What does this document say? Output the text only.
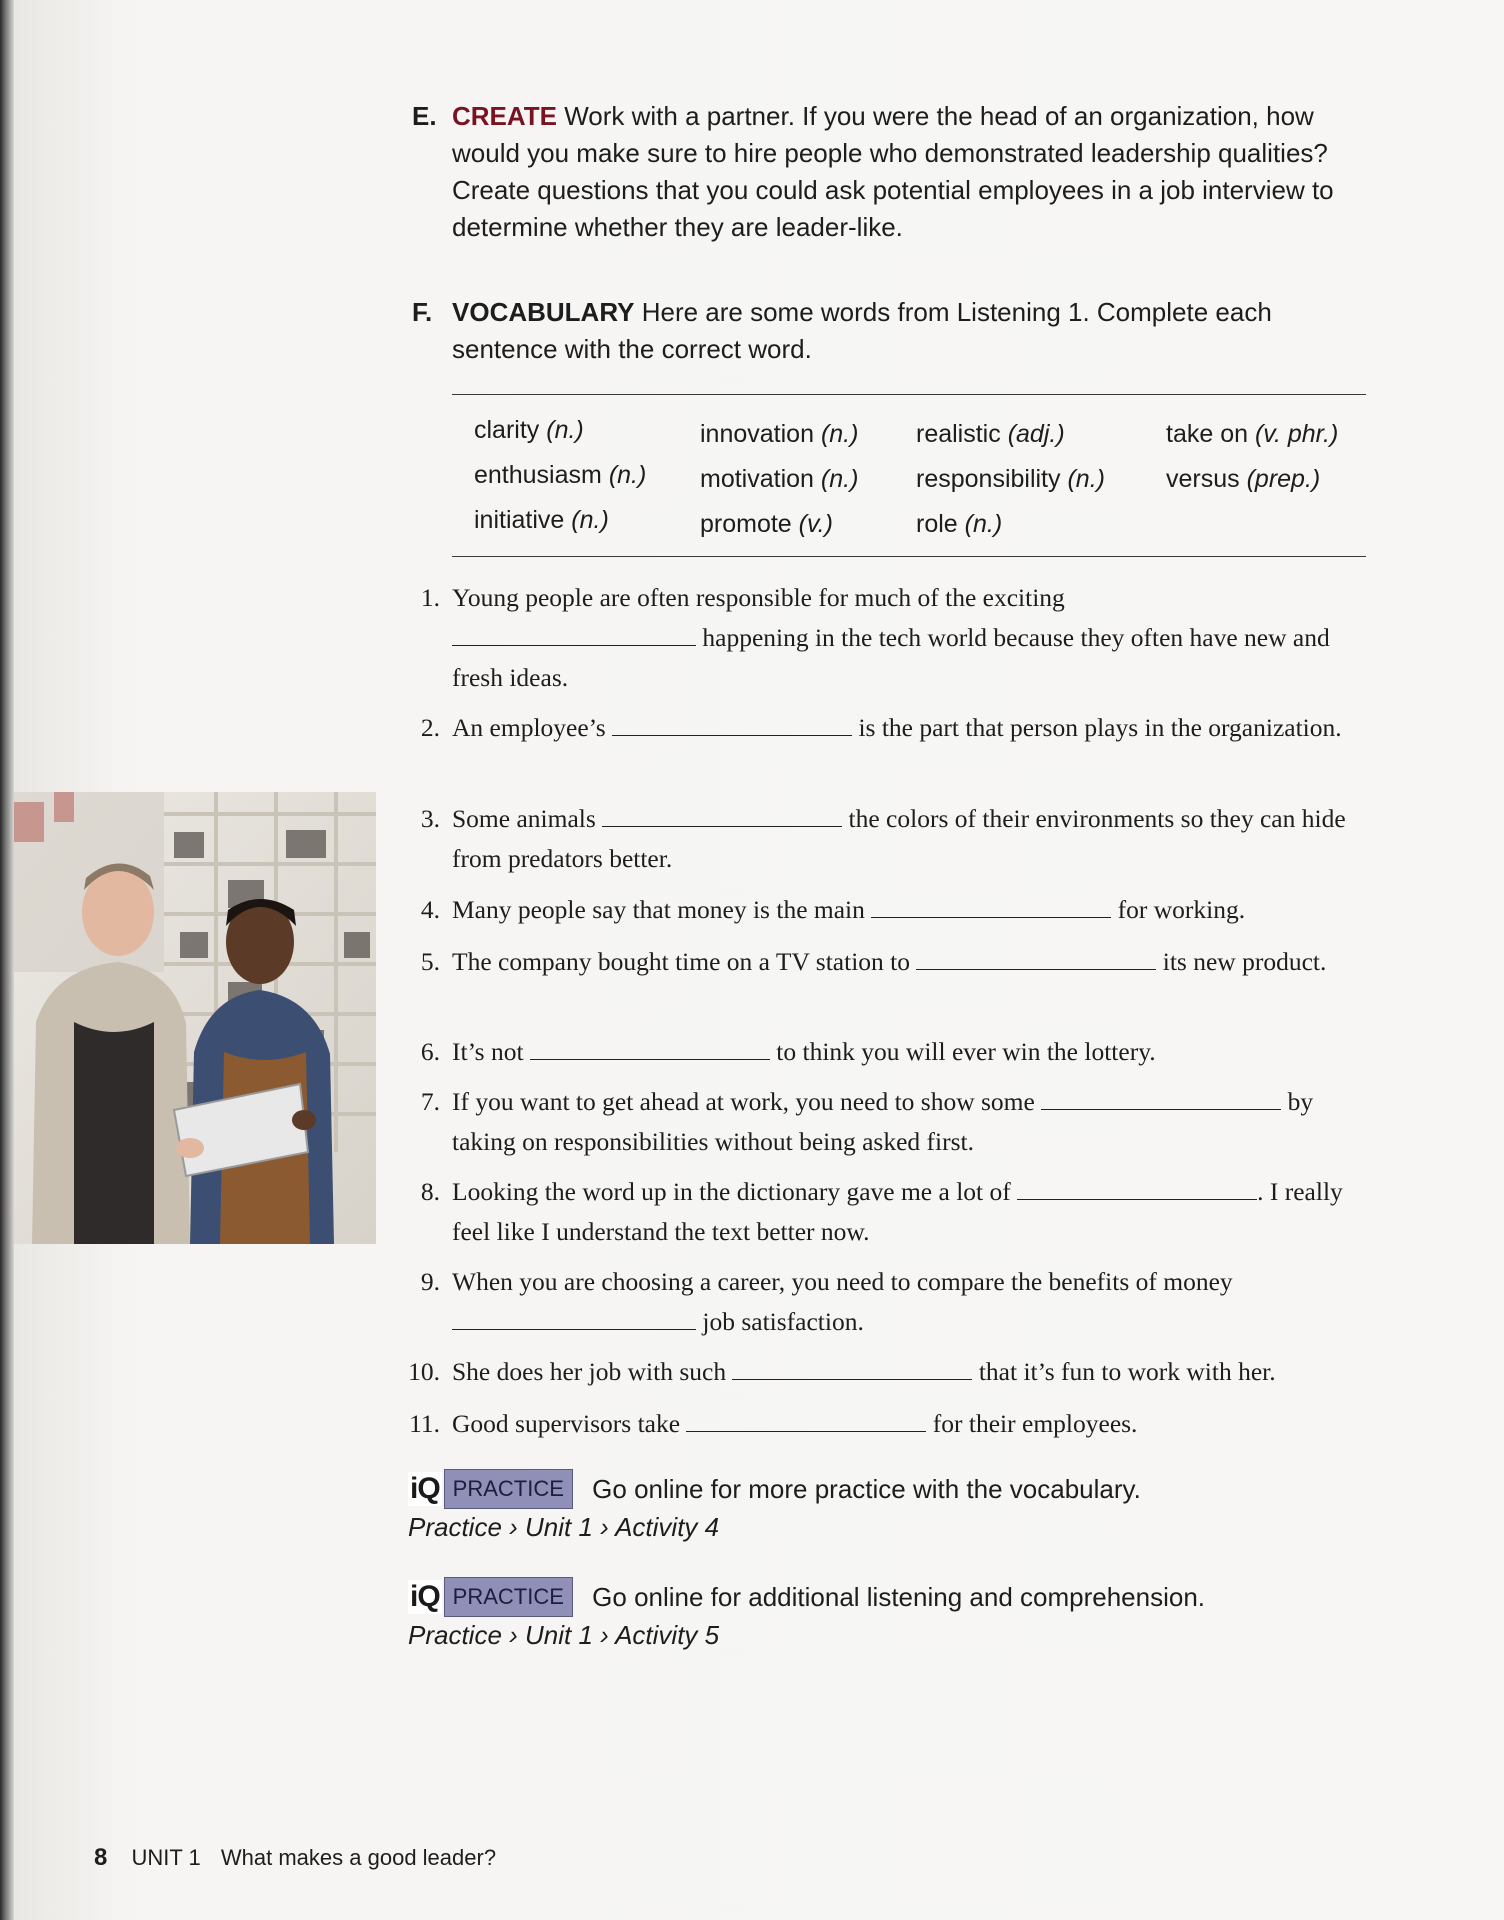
E. CREATE Work with a partner. If you were the head of an organization, how would you make sure to hire people who demonstrated leadership qualities? Create questions that you could ask potential employees in a job interview to determine whether they are leader-like.
F. VOCABULARY Here are some words from Listening 1. Complete each sentence with the correct word.
clarity (n.)	innovation (n.) realistic (adj.)	take on (v. phr.)
enthusiasm (n.) motivation (n.) responsibility (n.) versus (prep.)
initiative (n.)	promote (v.)	role (n.)
1. Young people are often responsible for much of the exciting
happening in the tech world because they often have new and fresh ideas.
2. An employee’s	is the part that person plays in the organization.
3. Some animals	the colors of their environments so they can hide from predators better.
4. Many people say that money is the main	for working.
5. The company bought time on a TV station to	its new product.
6. It’s not	to think you will ever win the lottery.
7. If you want to get ahead at work, you need to show some	by taking on responsibilities without being asked first.
8. Looking the word up in the dictionary gave me a lot of	. I really feel like I understand the text better now.
9. When you are choosing a career, you need to compare the benefits of money
job satisfaction.
10. She does her job with such	that it’s fun to work with her.
11. Good supervisors take	for their employees.
iQ PRACTICE	Go online for more practice with the vocabulary.
Practice › Unit 1 › Activity 4
iQ PRACTICE	Go online for additional listening and comprehension.
Practice › Unit 1 › Activity 5
8 UNIT 1 What makes a good leader?
